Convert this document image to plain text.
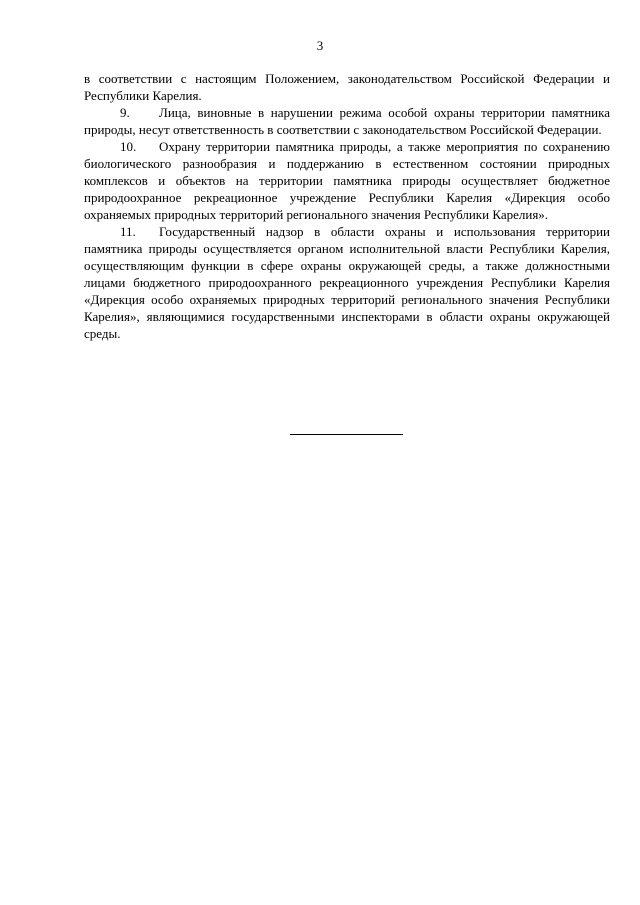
3

в соответствии с настоящим Положением, законодательством Российской Федерации и Республики Карелия.

9. Лица, виновные в нарушении режима особой охраны территории памятника природы, несут ответственность в соответствии с законодательством Российской Федерации.

10. Охрану территории памятника природы, а также мероприятия по сохранению биологического разнообразия и поддержанию в естественном состоянии природных комплексов и объектов на территории памятника природы осуществляет бюджетное природоохранное рекреационное учреждение Республики Карелия «Дирекция особо охраняемых природных территорий регионального значения Республики Карелия».

11. Государственный надзор в области охраны и использования территории памятника природы осуществляется органом исполнительной власти Республики Карелия, осуществляющим функции в сфере охраны окружающей среды, а также должностными лицами бюджетного природоохранного рекреационного учреждения Республики Карелия «Дирекция особо охраняемых природных территорий регионального значения Республики Карелия», являющимися государственными инспекторами в области охраны окружающей среды.
